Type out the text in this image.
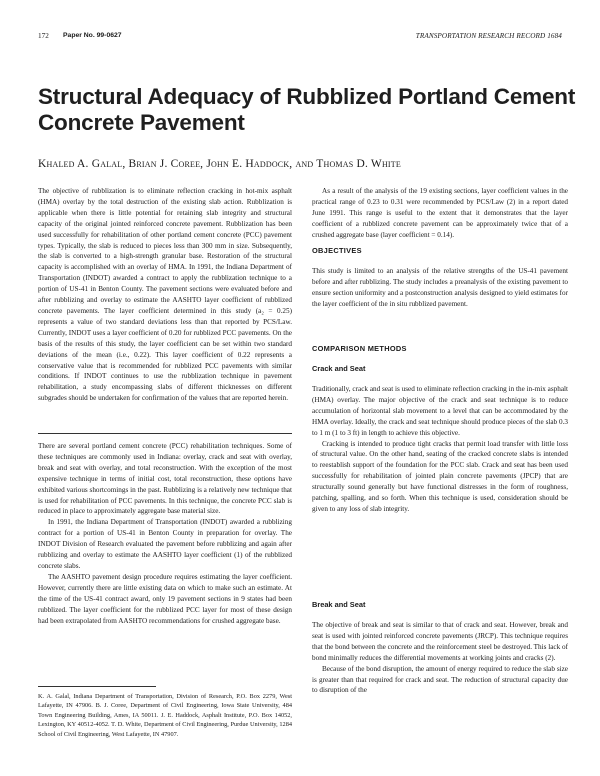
172 Paper No. 99-0627	TRANSPORTATION RESEARCH RECORD 1684
Structural Adequacy of Rubblized Portland Cement Concrete Pavement
Khaled A. Galal, Brian J. Coree, John E. Haddock, and Thomas D. White

The objective of rubblization is to eliminate reflection cracking in hot-mix asphalt (HMA) overlay by the total destruction of the existing slab action. Rubblization is applicable when there is little potential for retaining slab integrity and structural capacity of the original jointed reinforced concrete pavement. Rubblization has been used successfully for rehabilitation of other portland cement concrete (PCC) pavement types. Typically, the slab is reduced to pieces less than 300 mm in size. Subsequently, the slab is converted to a high-strength granular base. Restoration of the structural capacity is accomplished with an overlay of HMA. In 1991, the Indiana Department of Transportation (INDOT) awarded a contract to apply the rubblization technique to a portion of US-41 in Benton County. The pavement sections were evaluated before and after rubblizing and overlay to estimate the AASHTO layer coefficient of rubblized concrete pavements. The layer coefficient determined in this study (a₂ = 0.25) represents a value of two standard deviations less than that reported by PCS/Law. Currently, INDOT uses a layer coefficient of 0.20 for rubblized PCC pavements. On the basis of the results of this study, the layer coefficient can be set within two standard deviations of the mean (i.e., 0.22). This layer coefficient of 0.22 represents a conservative value that is recommended for rubblized PCC pavements with similar conditions. If INDOT continues to use the rubblization technique in pavement rehabilitation, a study encompassing slabs of different thicknesses on different subgrades should be undertaken for confirmation of the values that are reported herein.

There are several portland cement concrete (PCC) rehabilitation techniques. Some of these techniques are commonly used in Indiana: overlay, crack and seat with overlay, break and seat with overlay, and total reconstruction. With the exception of the most expensive technique in terms of initial cost, total reconstruction, these options have exhibited various shortcomings in the past. Rubblizing is a relatively new technique that is used for rehabilitation of PCC pavements. In this technique, the concrete PCC slab is reduced in place to approximately aggregate base material size.

In 1991, the Indiana Department of Transportation (INDOT) awarded a rubblizing contract for a portion of US-41 in Benton County in preparation for overlay. The INDOT Division of Research evaluated the pavement before rubblizing and again after rubblizing and overlay to estimate the AASHTO layer coefficient (1) of the rubblized concrete slabs.

The AASHTO pavement design procedure requires estimating the layer coefficient. However, currently there are little existing data on which to make such an estimate. At the time of the US-41 contract award, only 19 pavement sections in 9 states had been rubblized. The layer coefficient for the rubblized PCC layer for most of these design had been extrapolated from AASHTO recommendations for crushed aggregate base.

K. A. Galal, Indiana Department of Transportation, Division of Research, P.O. Box 2279, West Lafayette, IN 47906. B. J. Coree, Department of Civil Engineering, Iowa State University, 484 Town Engineering Building, Ames, IA 50011. J. E. Haddock, Asphalt Institute, P.O. Box 14052, Lexington, KY 40512-4052. T. D. White, Department of Civil Engineering, Purdue University, 1284 School of Civil Engineering, West Lafayette, IN 47907.

As a result of the analysis of the 19 existing sections, layer coefficient values in the practical range of 0.23 to 0.31 were recommended by PCS/Law (2) in a report dated June 1991. This range is useful to the extent that it demonstrates that the layer coefficient of a rubblized concrete pavement can be approximately twice that of a crushed aggregate base (layer coefficient = 0.14).

OBJECTIVES

This study is limited to an analysis of the relative strengths of the US-41 pavement before and after rubblizing. The study includes a preanalysis of the existing pavement to ensure section uniformity and a postconstruction analysis designed to yield estimates for the layer coefficient of the in situ rubblized pavement.

COMPARISON METHODS
Crack and Seat

Traditionally, crack and seat is used to eliminate reflection cracking in the in-mix asphalt (HMA) overlay. The major objective of the crack and seat technique is to reduce accumulation of horizontal slab movement to a level that can be accommodated by the HMA overlay. Ideally, the crack and seat technique should produce pieces of the slab 0.3 to 1 m (1 to 3 ft) in length to achieve this objective.

Cracking is intended to produce tight cracks that permit load transfer with little loss of structural value. On the other hand, seating of the cracked concrete slabs is intended to reestablish support of the foundation for the PCC slab. Crack and seat has been used successfully for rehabilitation of jointed plain concrete pavements (JPCP) that are structurally sound generally but have functional distresses in the form of roughness, patching, spalling, and so forth. When this technique is used, consideration should be given to any loss of slab integrity.

Break and Seat

The objective of break and seat is similar to that of crack and seat. However, break and seat is used with jointed reinforced concrete pavements (JRCP). This technique requires that the bond between the concrete and the reinforcement steel be destroyed. This lack of bond minimally reduces the differential movements at working joints and cracks (2).

Because of the bond disruption, the amount of energy required to reduce the slab size is greater than that required for crack and seat. The reduction of structural capacity due to disruption of the
